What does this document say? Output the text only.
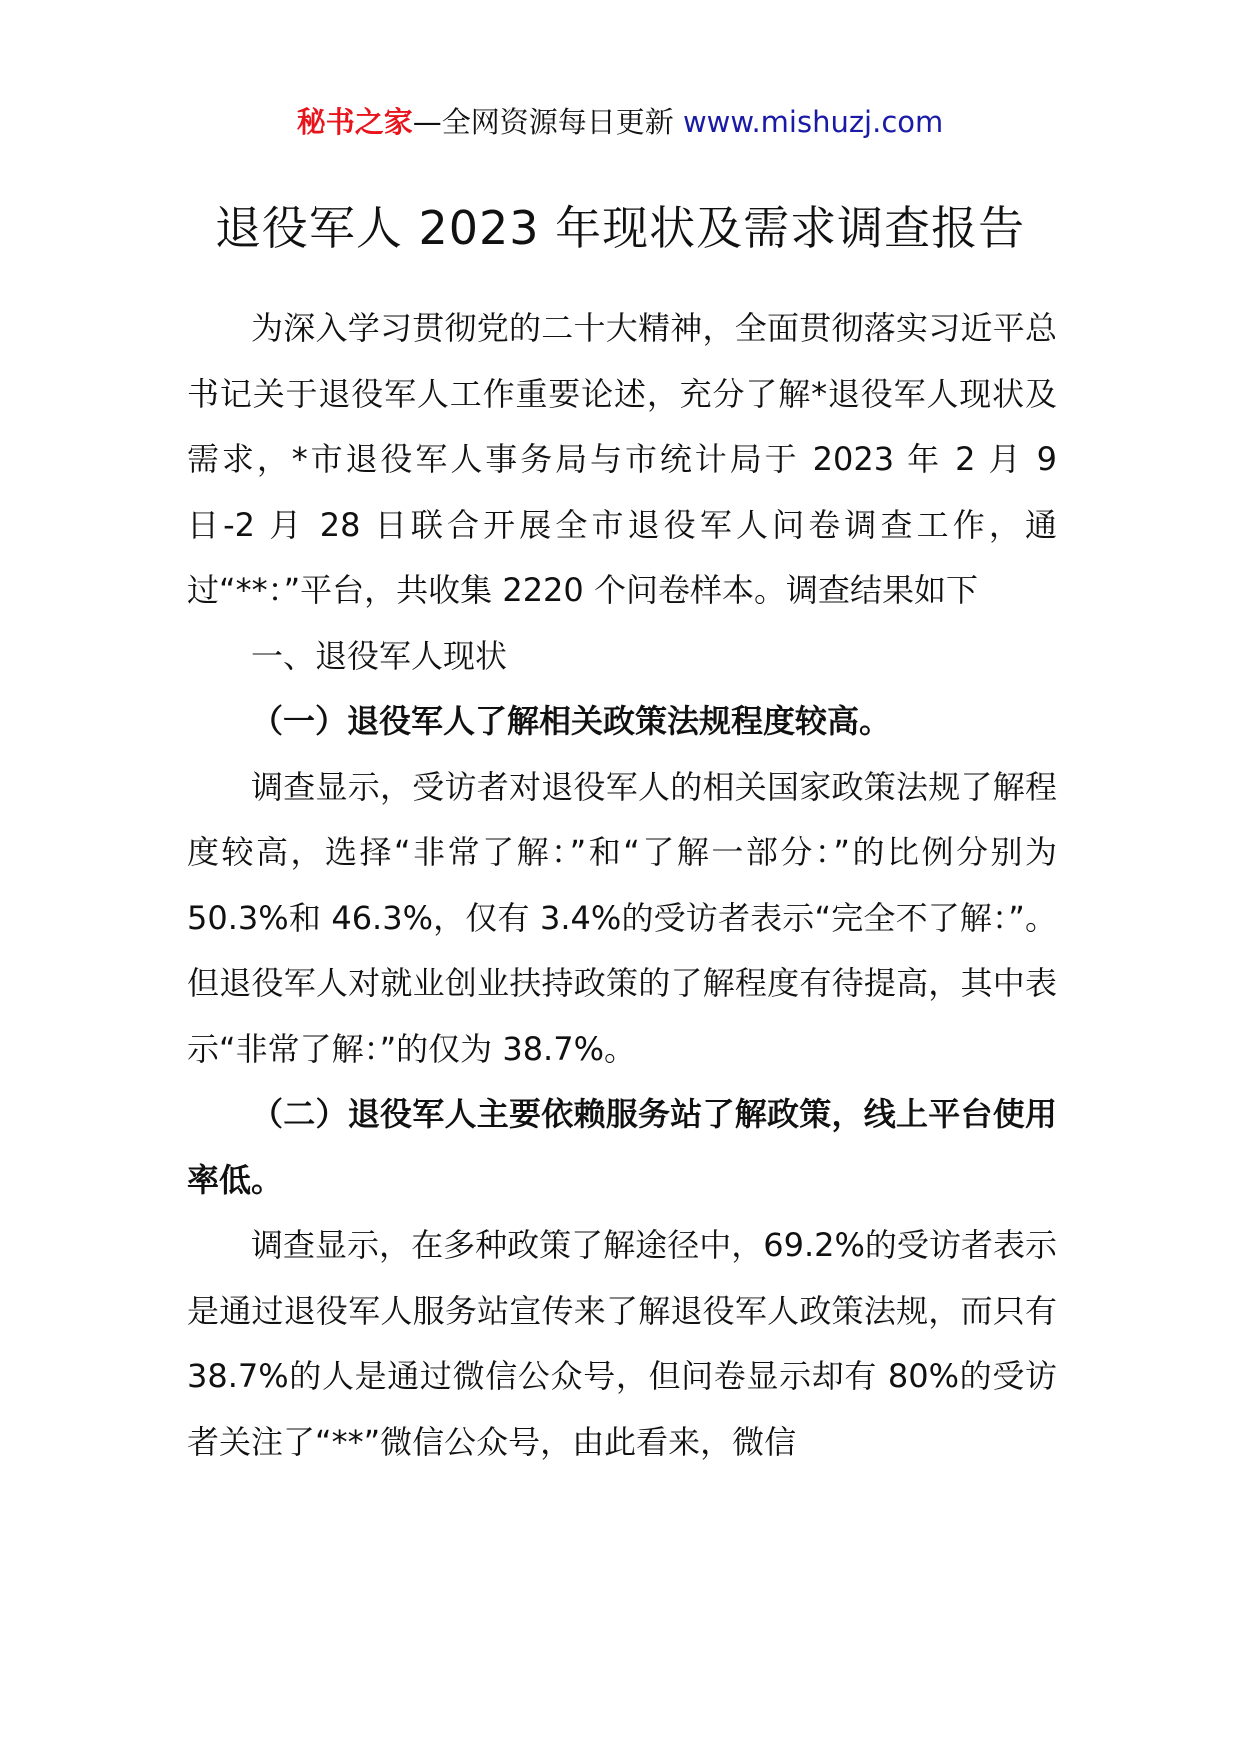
秘书之家—全网资源每日更新 www.mishuzj.com
退役军人 2023 年现状及需求调查报告

为深入学习贯彻党的二十大精神，全面贯彻落实习近平总书记关于退役军人工作重要论述，充分了解*退役军人现状及需求，*市退役军人事务局与市统计局于 2023 年 2 月 9 日-2 月 28 日联合开展全市退役军人问卷调查工作，通过“**：”平台，共收集 2220 个问卷样本。调查结果如下

一、退役军人现状

（一）退役军人了解相关政策法规程度较高。

调查显示，受访者对退役军人的相关国家政策法规了解程度较高，选择“非常了解：”和“了解一部分：”的比例分别为 50.3%和 46.3%，仅有 3.4%的受访者表示“完全不了解：”。但退役军人对就业创业扶持政策的了解程度有待提高，其中表示“非常了解：”的仅为 38.7%。

（二）退役军人主要依赖服务站了解政策，线上平台使用率低。

调查显示，在多种政策了解途径中，69.2%的受访者表示是通过退役军人服务站宣传来了解退役军人政策法规，而只有 38.7%的人是通过微信公众号，但问卷显示却有 80%的受访者关注了“**”微信公众号，由此看来，微信
